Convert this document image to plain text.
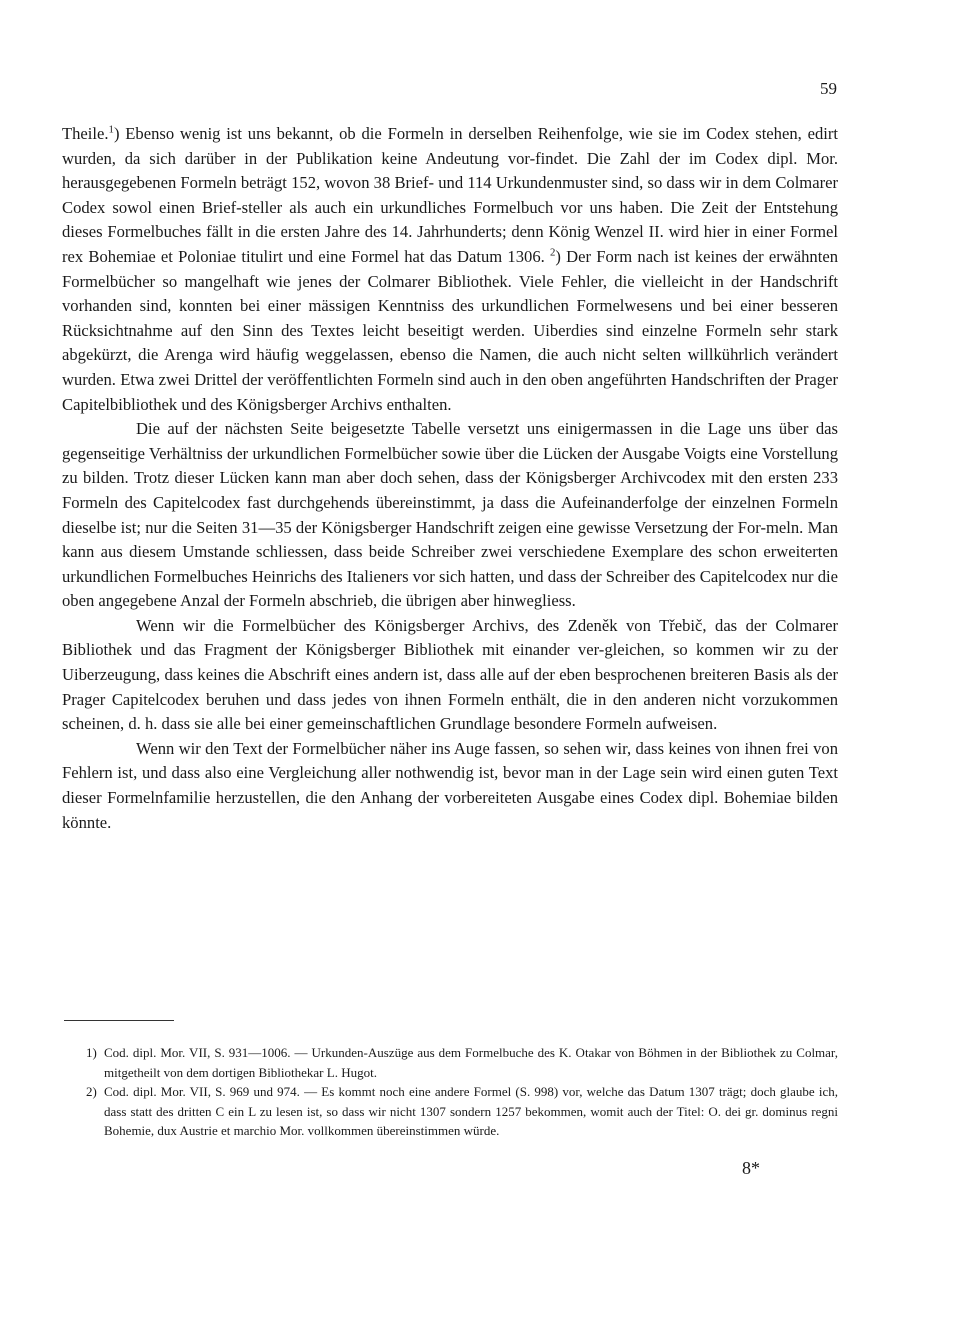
59

Theile.$^1$) Ebenso wenig ist uns bekannt, ob die Formeln in derselben Reihenfolge, wie sie im Codex stehen, edirt wurden, da sich darüber in der Publikation keine Andeutung vor-findet. Die Zahl der im Codex dipl. Mor. herausgegebenen Formeln beträgt 152, wovon 38 Brief- und 114 Urkundenmuster sind, so dass wir in dem Colmarer Codex sowol einen Brief-steller als auch ein urkundliches Formelbuch vor uns haben. Die Zeit der Entstehung dieses Formelbuches fällt in die ersten Jahre des 14. Jahrhunderts; denn König Wenzel II. wird hier in einer Formel rex Bohemiae et Poloniae titulirt und eine Formel hat das Datum 1306. $^2$) Der Form nach ist keines der erwähnten Formelbücher so mangelhaft wie jenes der Colmarer Bibliothek. Viele Fehler, die vielleicht in der Handschrift vorhanden sind, konnten bei einer mässigen Kenntniss des urkundlichen Formelwesens und bei einer besseren Rücksichtnahme auf den Sinn des Textes leicht beseitigt werden. Uiberdies sind einzelne Formeln sehr stark abgekürzt, die Arenga wird häufig weggelassen, ebenso die Namen, die auch nicht selten willkührlich verändert wurden. Etwa zwei Drittel der veröffentlichten Formeln sind auch in den oben angeführten Handschriften der Prager Capitelbibliothek und des Königsberger Archivs enthalten.

Die auf der nächsten Seite beigesetzte Tabelle versetzt uns einigermassen in die Lage uns über das gegenseitige Verhältniss der urkundlichen Formelbücher sowie über die Lücken der Ausgabe Voigts eine Vorstellung zu bilden. Trotz dieser Lücken kann man aber doch sehen, dass der Königsberger Archivcodex mit den ersten 233 Formeln des Capitelcodex fast durchgehends übereinstimmt, ja dass die Aufeinanderfolge der einzelnen Formeln dieselbe ist; nur die Seiten 31—35 der Königsberger Handschrift zeigen eine gewisse Versetzung der For-meln. Man kann aus diesem Umstande schliessen, dass beide Schreiber zwei verschiedene Exemplare des schon erweiterten urkundlichen Formelbuches Heinrichs des Italieners vor sich hatten, und dass der Schreiber des Capitelcodex nur die oben angegebene Anzal der Formeln abschrieb, die übrigen aber hinwegliess.

Wenn wir die Formelbücher des Königsberger Archivs, des Zdeněk von Třebič, das der Colmarer Bibliothek und das Fragment der Königsberger Bibliothek mit einander ver-gleichen, so kommen wir zu der Uiberzeugung, dass keines die Abschrift eines andern ist, dass alle auf der eben besprochenen breiteren Basis als der Prager Capitelcodex beruhen und dass jedes von ihnen Formeln enthält, die in den anderen nicht vorzukommen scheinen, d. h. dass sie alle bei einer gemeinschaftlichen Grundlage besondere Formeln aufweisen.

Wenn wir den Text der Formelbücher näher ins Auge fassen, so sehen wir, dass keines von ihnen frei von Fehlern ist, und dass also eine Vergleichung aller nothwendig ist, bevor man in der Lage sein wird einen guten Text dieser Formelnfamilie herzustellen, die den Anhang der vorbereiteten Ausgabe eines Codex dipl. Bohemiae bilden könnte.

1) Cod. dipl. Mor. VII, S. 931—1006. — Urkunden-Auszüge aus dem Formelbuche des K. Otakar von Böhmen in der Bibliothek zu Colmar, mitgetheilt von dem dortigen Bibliothekar L. Hugot.
2) Cod. dipl. Mor. VII, S. 969 und 974. — Es kommt noch eine andere Formel (S. 998) vor, welche das Datum 1307 trägt; doch glaube ich, dass statt des dritten C ein L zu lesen ist, so dass wir nicht 1307 sondern 1257 bekommen, womit auch der Titel: O. dei gr. dominus regni Bohemie, dux Austrie et marchio Mor. vollkommen übereinstimmen würde.
8*
